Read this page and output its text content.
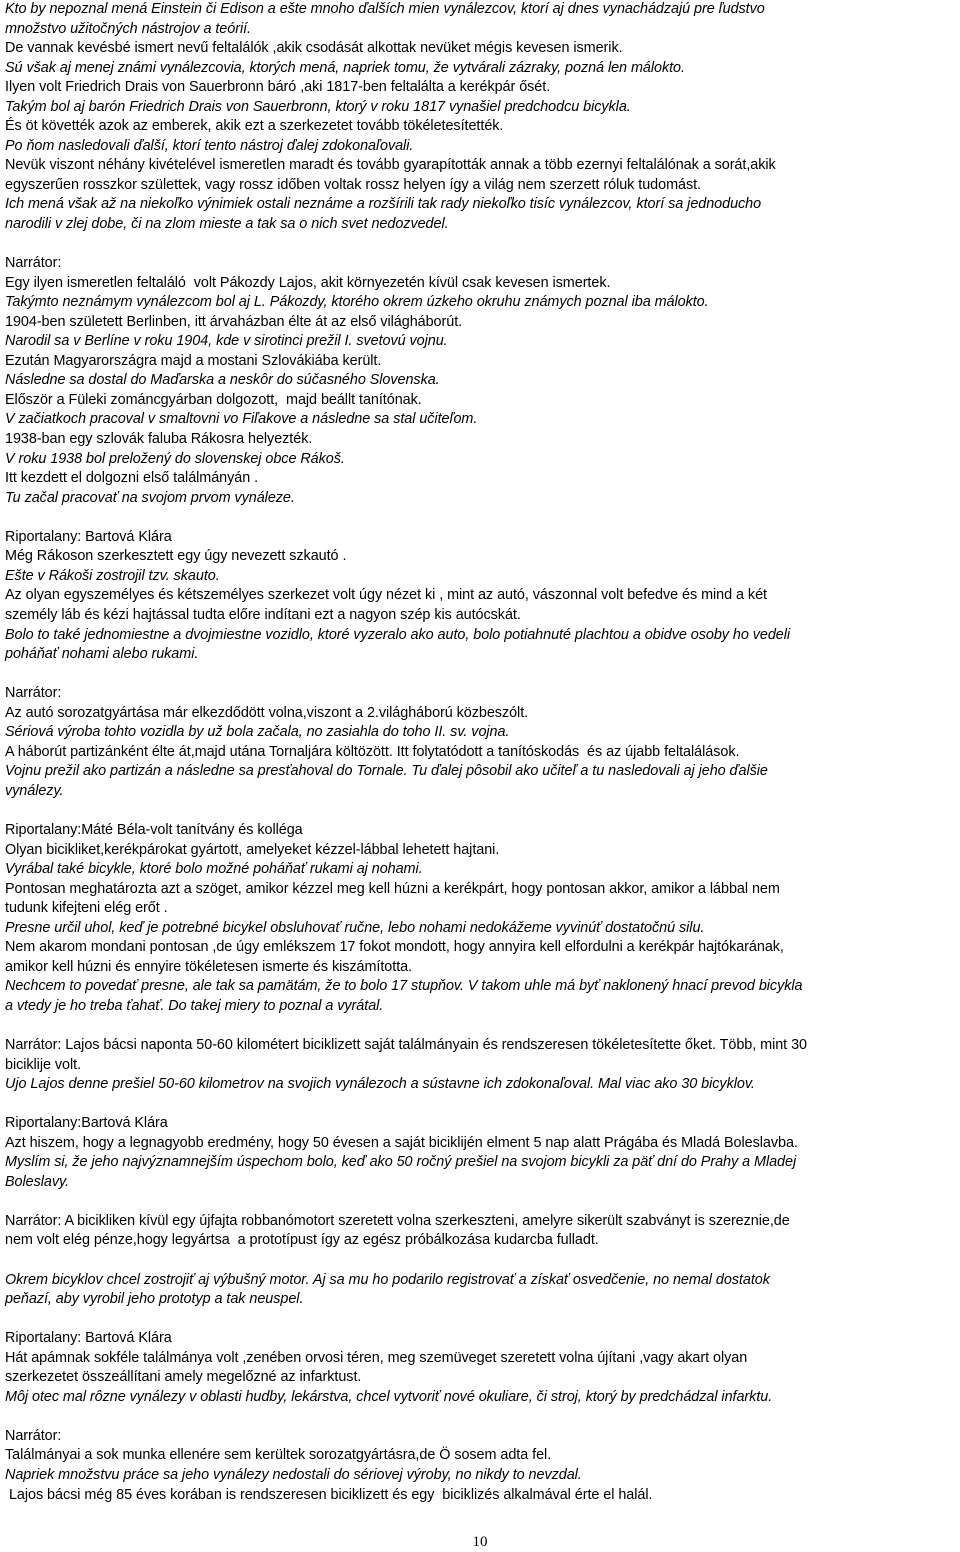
Kto by nepoznal mená Einstein či Edison a ešte mnoho ďalších mien vynálezcov, ktorí aj dnes vynachádzajú pre ľudstvo
množstvo užitočných nástrojov a teórií.
De vannak kevésbé ismert nevű feltalálók ,akik csodását alkottak nevüket mégis kevesen ismerik.
Sú však aj menej známi vynálezcovia, ktorých mená, napriek tomu, že vytvárali zázraky, pozná len málokto.
Ilyen volt Friedrich Drais von Sauerbronn báró ,aki 1817-ben feltalálta a kerékpár ősét.
Takým bol aj barón Friedrich Drais von Sauerbronn, ktorý v roku 1817 vynašiel predchodcu bicykla.
És öt követték azok az emberek, akik ezt a szerkezetet tovább tökéletesítették.
Po ňom nasledovali ďalší, ktorí tento nástroj ďalej zdokonaľovali.
Nevük viszont néhány kivételével ismeretlen maradt és tovább gyarapították annak a több ezernyi feltalálónak a sorát,akik
egyszerűen rosszkor születtek, vagy rossz időben voltak rossz helyen így a világ nem szerzett róluk tudomást.
Ich mená však až na niekoľko výnimiek ostali neznáme a rozšírili tak rady niekoľko tisíc vynálezcov, ktorí sa jednoducho
narodili v zlej dobe, či na zlom mieste a tak sa o nich svet nedozvedel.
Narrátor:
Egy ilyen ismeretlen feltaláló  volt Pákozdy Lajos, akit környezetén kívül csak kevesen ismertek.
Takýmto neznámym vynálezcom bol aj L. Pákozdy, ktorého okrem úzkeho okruhu známych poznal iba málokto.
1904-ben született Berlinben, itt árvaházban élte át az első világháborút.
Narodil sa v Berlíne v roku 1904, kde v sirotinci prežil I. svetovú vojnu.
Ezután Magyarországra majd a mostani Szlovákiába került.
Následne sa dostal do Maďarska a neskôr do súčasného Slovenska.
Először a Füleki zománcgyárban dolgozott,  majd beállt tanítónak.
V začiatkoch pracoval v smaltovni vo Fiľakove a následne sa stal učiteľom.
1938-ban egy szlovák faluba Rákosra helyezték.
V roku 1938 bol preložený do slovenskej obce Rákoš.
Itt kezdett el dolgozni első találmányán .
Tu začal pracovať na svojom prvom vynáleze.
Riportalany: Bartová Klára
Még Rákoson szerkesztett egy úgy nevezett szkautó .
Ešte v Rákoši zostrojil tzv. skauto.
Az olyan egyszemélyes és kétszemélyes szerkezet volt úgy nézet ki , mint az autó, vászonnal volt befedve és mind a két
személy láb és kézi hajtással tudta előre indítani ezt a nagyon szép kis autócskát.
Bolo to také jednomiestne a dvojmiestne vozidlo, ktoré vyzeralo ako auto, bolo potiahnuté plachtou a obidve osoby ho vedeli
poháňať nohami alebo rukami.
Narrátor:
Az autó sorozatgyártása már elkezdődött volna,viszont a 2.világháború közbeszólt.
Sériová výroba tohto vozidla by už bola začala, no zasiahla do toho II. sv. vojna.
A háborút partizánként élte át,majd utána Tornaljára költözött. Itt folytatódott a tanítóskodás  és az újabb feltalálások.
Vojnu prežil ako partizán a následne sa presťahoval do Tornale. Tu ďalej pôsobil ako učiteľ a tu nasledovali aj jeho ďalšie
vynálezy.
Riportalany:Máté Béla-volt tanítvány és kollégа
Olyan bicikliket,kerékpárokat gyártott, amelyeket kézzel-lábbal lehetett hajtani.
Vyrábal také bicykle, ktoré bolo možné poháňať rukami aj nohami.
Pontosan meghatározta azt a szöget, amikor kézzel meg kell húzni a kerékpárt, hogy pontosan akkor, amikor a lábbal nem
tudunk kifejteni elég erőt .
Presne určil uhol, keď je potrebné bicykel obsluhovať ručne, lebo nohami nedokážeme vyvinúť dostatočnú silu.
Nem akarom mondani pontosan ,de úgy emlékszem 17 fokot mondott, hogy annyira kell elfordulni a kerékpár hajtókarának,
amikor kell húzni és ennyire tökéletesen ismerte és kiszámította.
Nechcem to povedať presne, ale tak sa pamätám, že to bolo 17 stupňov. V takom uhle má byť naklonený hnací prevod bicykla
a vtedy je ho treba ťahať. Do takej miery to poznal a vyrátal.
Narrátor: Lajos bácsi naponta 50-60 kilométert biciklizett saját találmányain és rendszeresen tökéletesítette őket. Több, mint 30
biciklije volt.
Ujo Lajos denne prešiel 50-60 kilometrov na svojich vynálezoch a sústavne ich zdokonaľoval. Mal viac ako 30 bicyklov.
Riportalany:Bartová Klára
Azt hiszem, hogy a legnagyobb eredmény, hogy 50 évesen a saját biciklijén elment 5 nap alatt Prágába és Mladá Boleslavba.
Myslím si, že jeho najvýznamnejším úspechom bolo, keď ako 50 ročný prešiel na svojom bicykli za päť dní do Prahy a Mladej
Boleslavy.
Narrátor: A bicikliken kívül egy újfajta robbanómotort szeretett volna szerkeszteni, amelyre sikerült szabványt is szereznie,de
nem volt elég pénze,hogy legyártsa  a prototípust így az egész próbálkozása kudarcba fulladt.
Okrem bicyklov chcel zostrojiť aj výbušný motor. Aj sa mu ho podarilo registrovať a získať osvedčenie, no nemal dostatok
peňazí, aby vyrobil jeho prototyp a tak neuspel.
Riportalany: Bartová Klára
Hát apámnak sokféle találmánya volt ,zenében orvosi téren, meg szemüveget szeretett volna újítani ,vagy akart olyan
szerkezetet összeállítani amely megelőzné az infarktust.
Môj otec mal rôzne vynálezy v oblasti hudby, lekárstva, chcel vytvoriť nové okuliare, či stroj, ktorý by predchádzal infarktu.
Narrátor:
Találmányai a sok munka ellenére sem kerültek sorozatgyártásra,de Ö sosem adta fel.
Napriek množstvu práce sa jeho vynálezy nedostali do sériovej výroby, no nikdy to nevzdal.
Lajos bácsi még 85 éves korában is rendszeresen biciklizett és egy  biciklizés alkalmával érte el halál.
10
